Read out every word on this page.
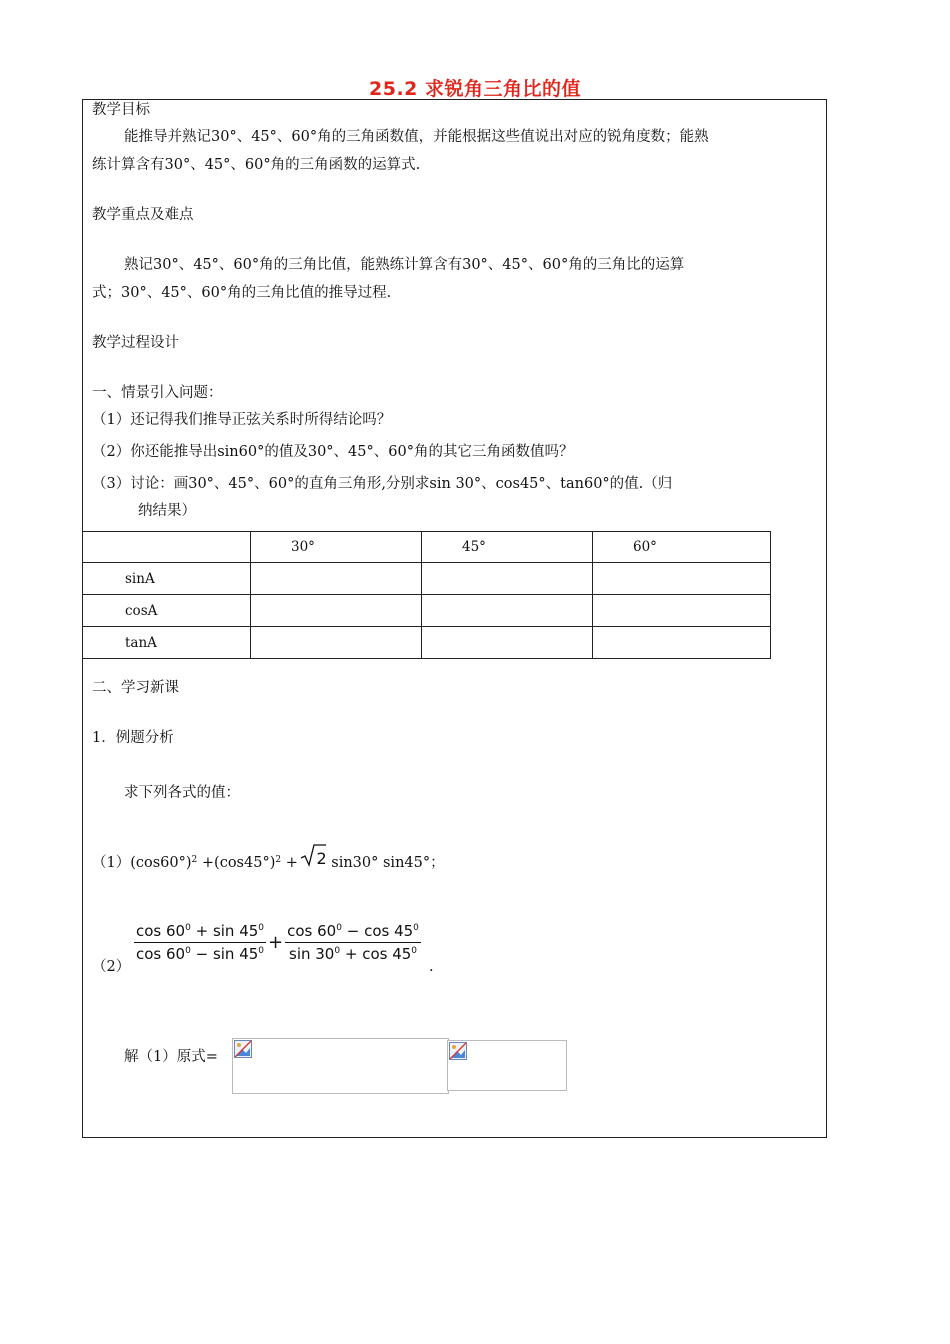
25.2 求锐角三角比的值
教学目标
能推导并熟记30°、45°、60°角的三角函数值，并能根据这些值说出对应的锐角度数；能熟
练计算含有30°、45°、60°角的三角函数的运算式.
教学重点及难点
熟记30°、45°、60°角的三角比值，能熟练计算含有30°、45°、60°角的三角比的运算
式；30°、45°、60°角的三角比值的推导过程.
教学过程设计
一、情景引入问题：
（1）还记得我们推导正弦关系时所得结论吗？
（2）你还能推导出sin60°的值及30°、45°、60°角的其它三角函数值吗？
（3）讨论：画30°、45°、60°的直角三角形,分别求sin 30°、cos45°、tan60°的值.（归
纳结果）
	30°	45°	60°
sinA			
cosA			
tanA			
二、学习新课
1．例题分析
求下列各式的值：
$(1)(\cos 60^\circ)^2 +(\cos 45^\circ)^2 + 2$ sin30° sin45°；
（2）
$\frac{\cos 60^0 + \sin 45^0}{\cos 60^0 - \sin 45^0} + \frac{\cos 60^0 - \cos 45^0}{\sin 30^0 + \cos 45^0}$
.
解（1）原式=
